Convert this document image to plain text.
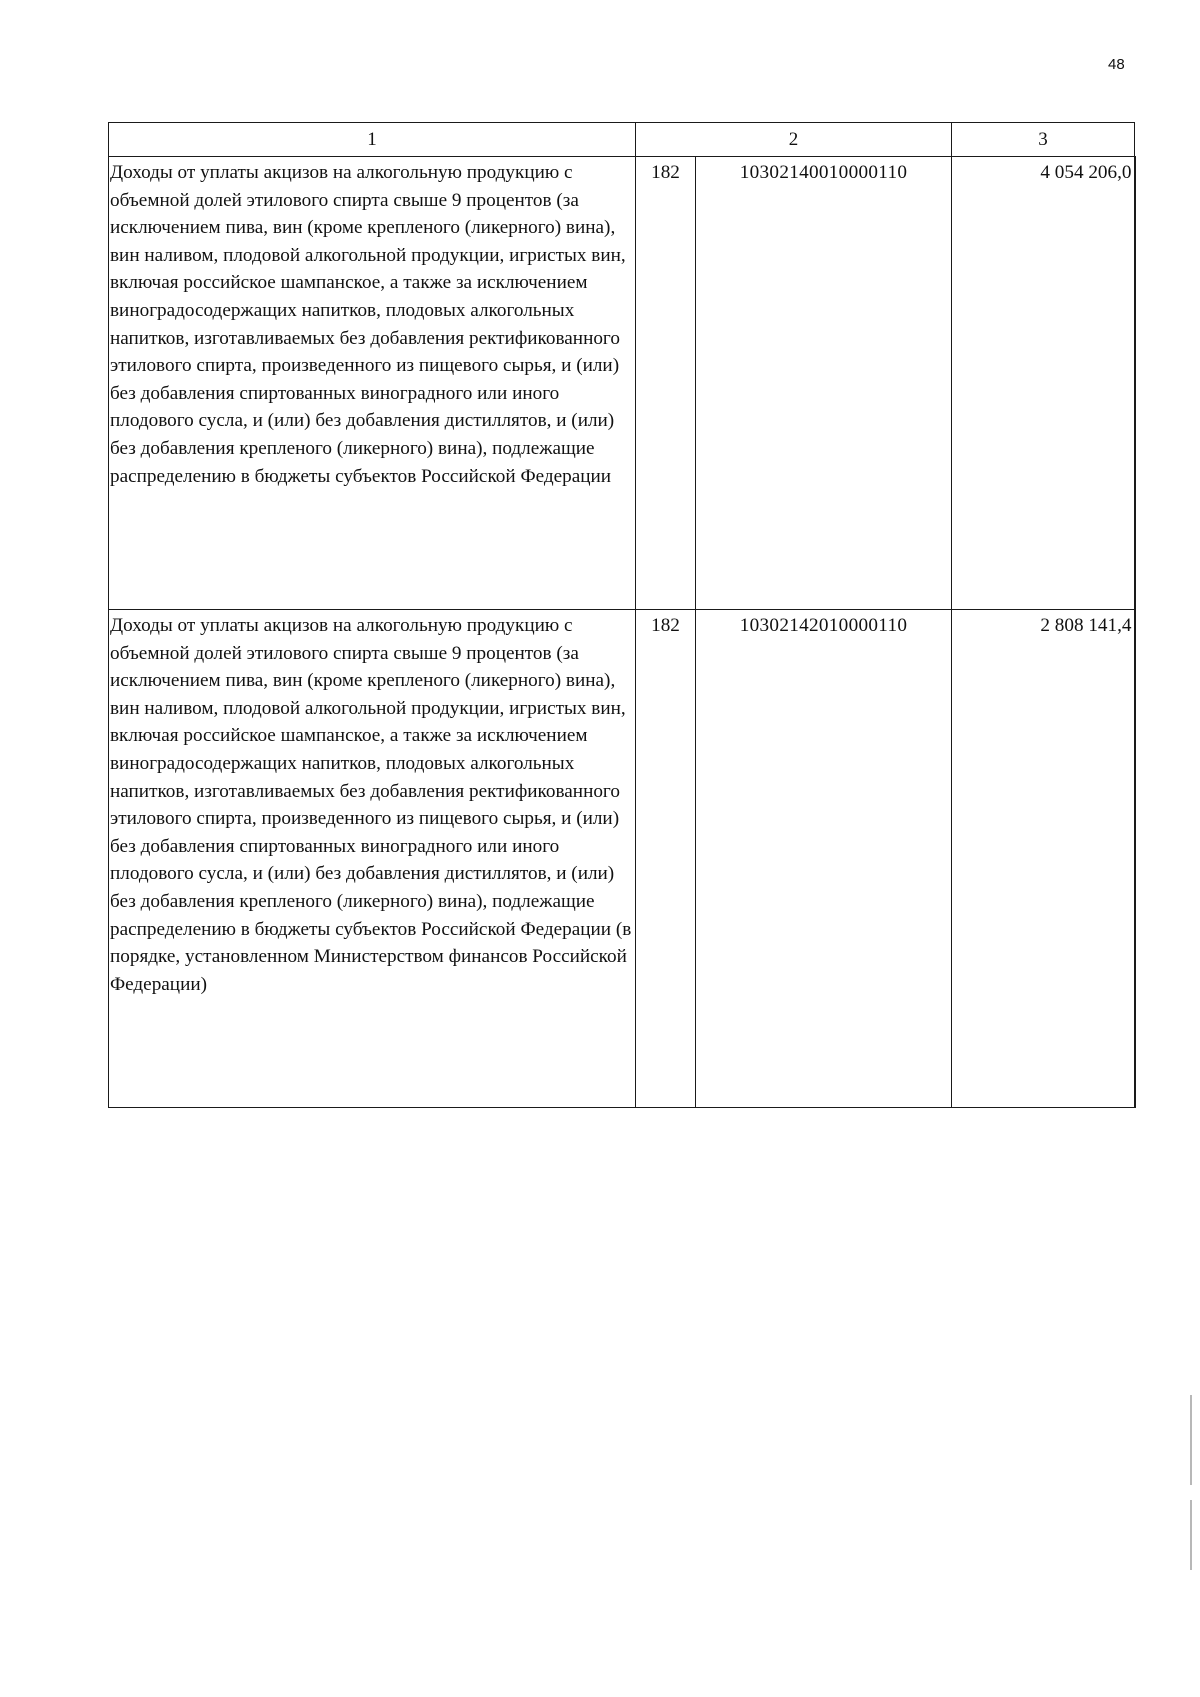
48
1	2		3
Доходы от уплаты акцизов на алкогольную продукцию с объемной долей этилового спирта свыше 9 процентов (за исключением пива, вин (кроме крепленого (ликерного) вина), вин наливом, плодовой алкогольной продукции, игристых вин, включая российское шампанское, а также за исключением виноградосодержащих напитков, плодовых алкогольных напитков, изготавливаемых без добавления ректификованного этилового спирта, произведенного из пищевого сырья, и (или) без добавления спиртованных виноградного или иного плодового сусла, и (или) без добавления дистиллятов, и (или) без добавления крепленого (ликерного) вина), подлежащие распределению в бюджеты субъектов Российской Федерации	182	10302140010000110	4 054 206,0
Доходы от уплаты акцизов на алкогольную продукцию с объемной долей этилового спирта свыше 9 процентов (за исключением пива, вин (кроме крепленого (ликерного) вина), вин наливом, плодовой алкогольной продукции, игристых вин, включая российское шампанское, а также за исключением виноградосодержащих напитков, плодовых алкогольных напитков, изготавливаемых без добавления ректификованного этилового спирта, произведенного из пищевого сырья, и (или) без добавления спиртованных виноградного или иного плодового сусла, и (или) без добавления дистиллятов, и (или) без добавления крепленого (ликерного) вина), подлежащие распределению в бюджеты субъектов Российской Федерации (в порядке, установленном Министерством финансов Российской Федерации)	182	10302142010000110	2 808 141,4
